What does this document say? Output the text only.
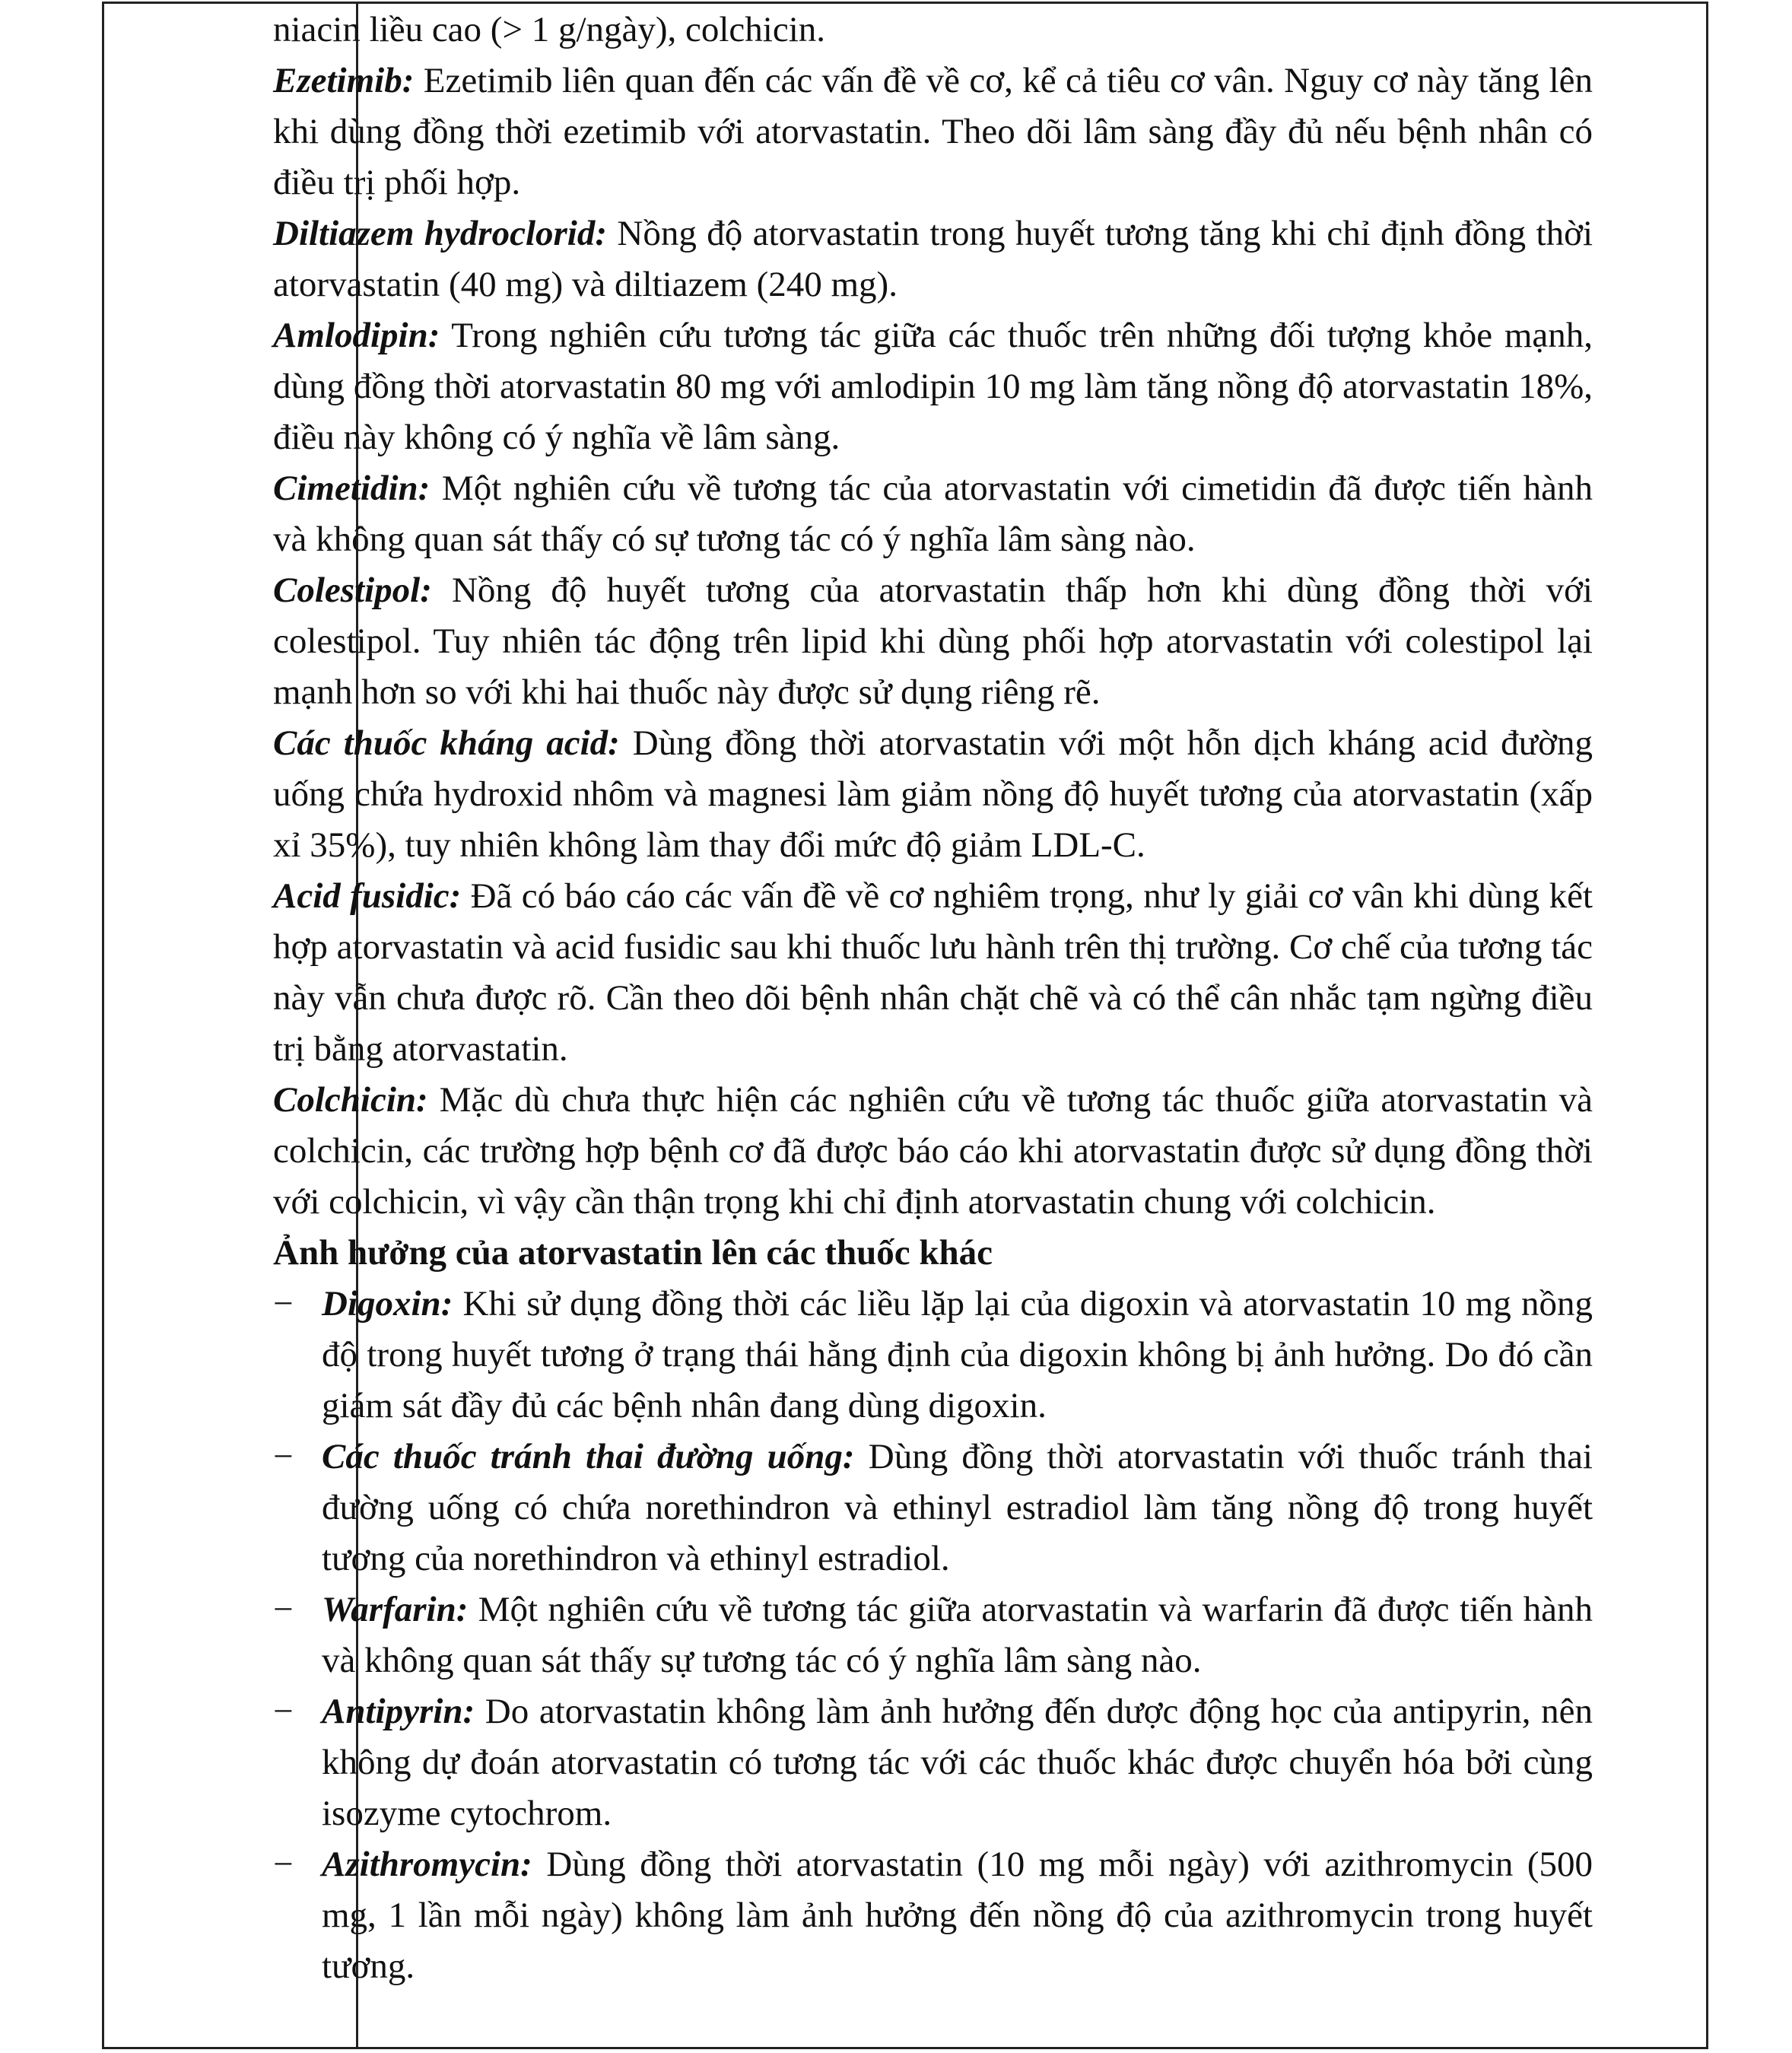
niacin liều cao (> 1 g/ngày), colchicin.

Ezetimib: Ezetimib liên quan đến các vấn đề về cơ, kể cả tiêu cơ vân. Nguy cơ này tăng lên khi dùng đồng thời ezetimib với atorvastatin. Theo dõi lâm sàng đầy đủ nếu bệnh nhân có điều trị phối hợp.

Diltiazem hydroclorid: Nồng độ atorvastatin trong huyết tương tăng khi chỉ định đồng thời atorvastatin (40 mg) và diltiazem (240 mg).

Amlodipin: Trong nghiên cứu tương tác giữa các thuốc trên những đối tượng khỏe mạnh, dùng đồng thời atorvastatin 80 mg với amlodipin 10 mg làm tăng nồng độ atorvastatin 18%, điều này không có ý nghĩa về lâm sàng.

Cimetidin: Một nghiên cứu về tương tác của atorvastatin với cimetidin đã được tiến hành và không quan sát thấy có sự tương tác có ý nghĩa lâm sàng nào.

Colestipol: Nồng độ huyết tương của atorvastatin thấp hơn khi dùng đồng thời với colestipol. Tuy nhiên tác động trên lipid khi dùng phối hợp atorvastatin với colestipol lại mạnh hơn so với khi hai thuốc này được sử dụng riêng rẽ.

Các thuốc kháng acid: Dùng đồng thời atorvastatin với một hỗn dịch kháng acid đường uống chứa hydroxid nhôm và magnesi làm giảm nồng độ huyết tương của atorvastatin (xấp xỉ 35%), tuy nhiên không làm thay đổi mức độ giảm LDL-C.

Acid fusidic: Đã có báo cáo các vấn đề về cơ nghiêm trọng, như ly giải cơ vân khi dùng kết hợp atorvastatin và acid fusidic sau khi thuốc lưu hành trên thị trường. Cơ chế của tương tác này vẫn chưa được rõ. Cần theo dõi bệnh nhân chặt chẽ và có thể cân nhắc tạm ngừng điều trị bằng atorvastatin.

Colchicin: Mặc dù chưa thực hiện các nghiên cứu về tương tác thuốc giữa atorvastatin và colchicin, các trường hợp bệnh cơ đã được báo cáo khi atorvastatin được sử dụng đồng thời với colchicin, vì vậy cần thận trọng khi chỉ định atorvastatin chung với colchicin.

Ảnh hưởng của atorvastatin lên các thuốc khác

− Digoxin: Khi sử dụng đồng thời các liều lặp lại của digoxin và atorvastatin 10 mg nồng độ trong huyết tương ở trạng thái hằng định của digoxin không bị ảnh hưởng. Do đó cần giám sát đầy đủ các bệnh nhân đang dùng digoxin.

− Các thuốc tránh thai đường uống: Dùng đồng thời atorvastatin với thuốc tránh thai đường uống có chứa norethindron và ethinyl estradiol làm tăng nồng độ trong huyết tương của norethindron và ethinyl estradiol.

− Warfarin: Một nghiên cứu về tương tác giữa atorvastatin và warfarin đã được tiến hành và không quan sát thấy sự tương tác có ý nghĩa lâm sàng nào.

− Antipyrin: Do atorvastatin không làm ảnh hưởng đến dược động học của antipyrin, nên không dự đoán atorvastatin có tương tác với các thuốc khác được chuyển hóa bởi cùng isozyme cytochrom.

− Azithromycin: Dùng đồng thời atorvastatin (10 mg mỗi ngày) với azithromycin (500 mg, 1 lần mỗi ngày) không làm ảnh hưởng đến nồng độ của azithromycin trong huyết tương.
